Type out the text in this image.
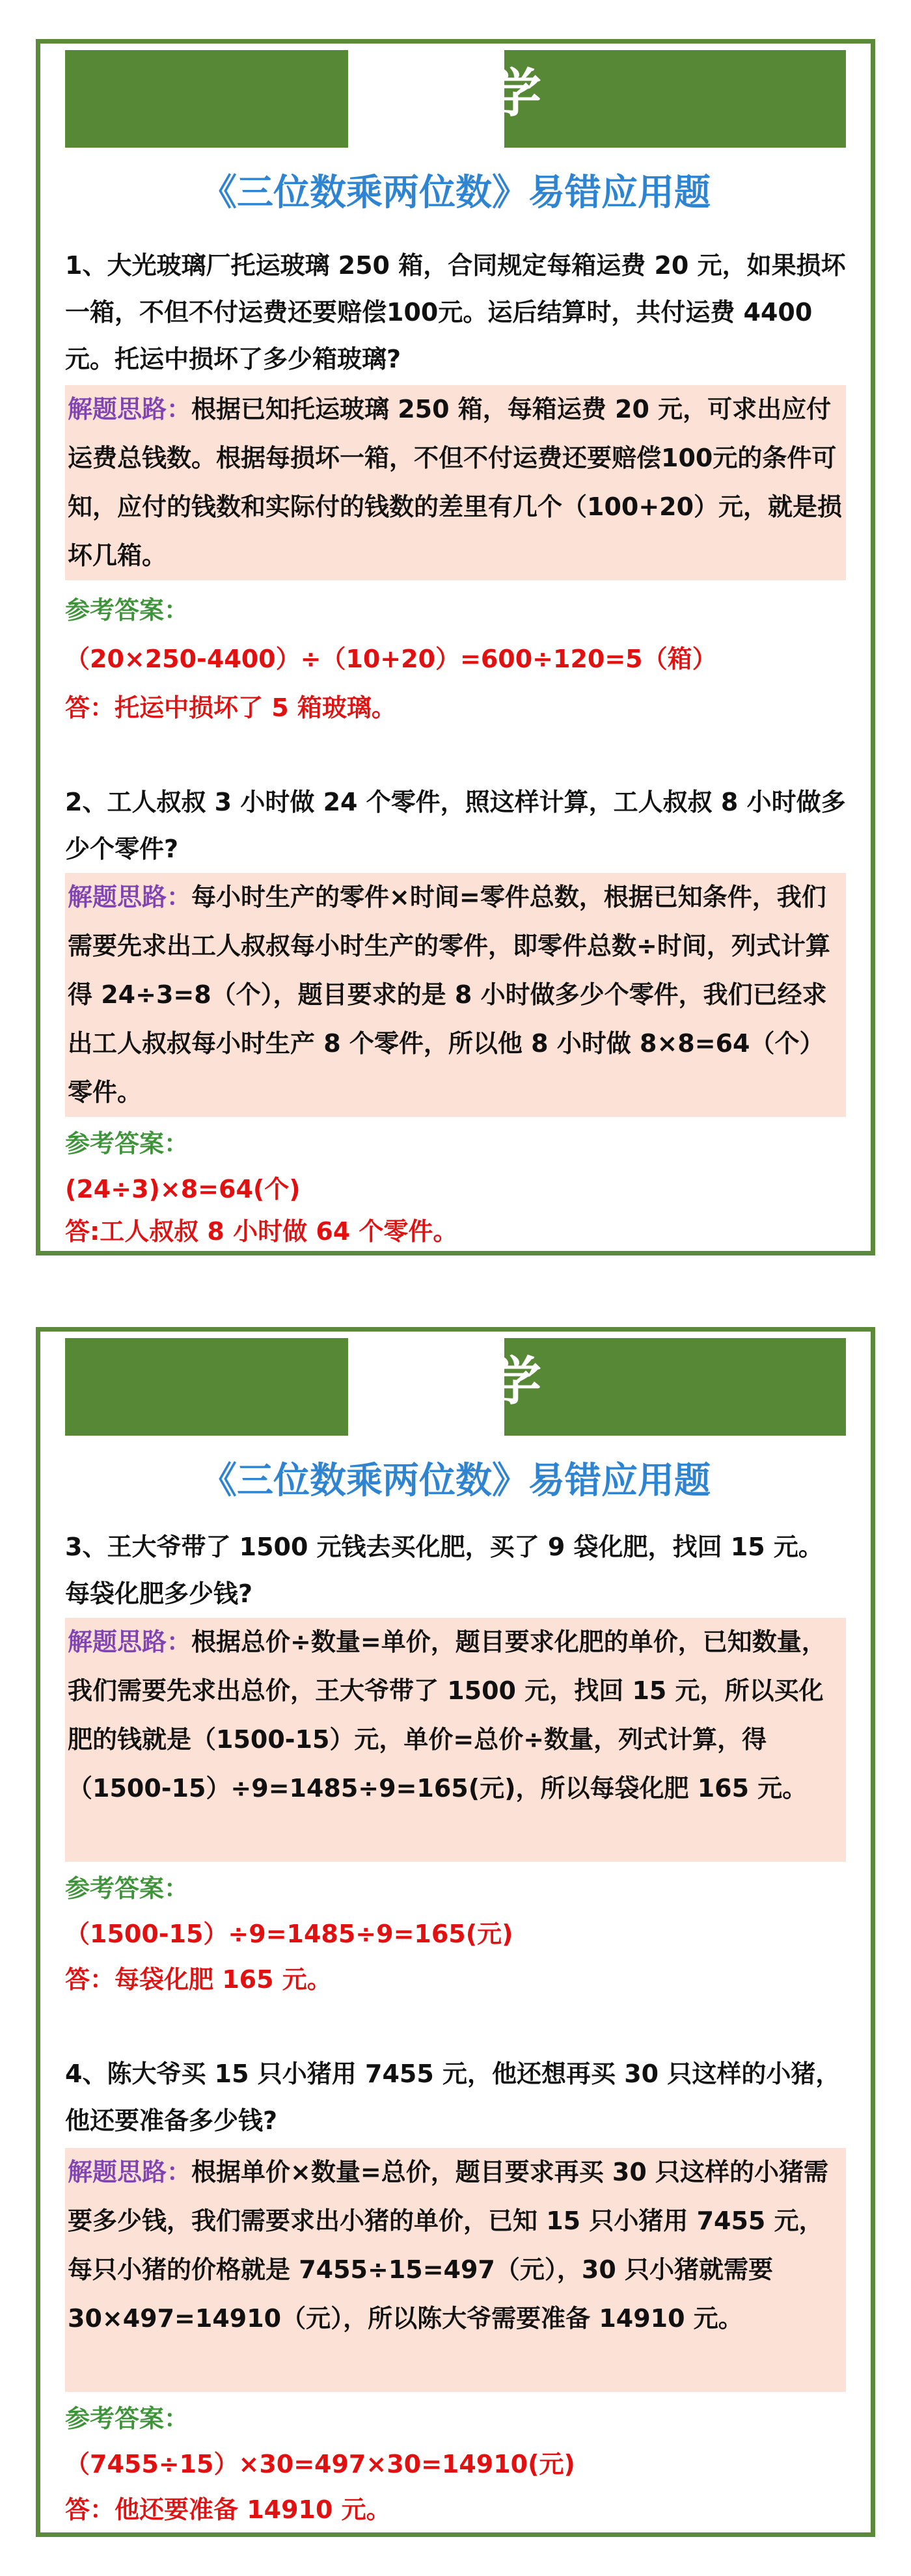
学
《三位数乘两位数》易错应用题
1、大光玻璃厂托运玻璃 250 箱，合同规定每箱运费 20 元，如果损坏一箱，不但不付运费还要赔偿100元。运后结算时，共付运费 4400 元。托运中损坏了多少箱玻璃?
解题思路：根据已知托运玻璃 250 箱，每箱运费 20 元，可求出应付运费总钱数。根据每损坏一箱，不但不付运费还要赔偿100元的条件可知，应付的钱数和实际付的钱数的差里有几个（100+20）元，就是损坏几箱。
参考答案：
（20×250-4400）÷（10+20）=600÷120=5（箱）
答：托运中损坏了 5 箱玻璃。
2、工人叔叔 3 小时做 24 个零件，照这样计算，工人叔叔 8 小时做多少个零件?
解题思路：每小时生产的零件×时间=零件总数，根据已知条件，我们需要先求出工人叔叔每小时生产的零件，即零件总数÷时间，列式计算得 24÷3=8（个），题目要求的是 8 小时做多少个零件，我们已经求出工人叔叔每小时生产 8 个零件，所以他 8 小时做 8×8=64（个）零件。
参考答案：
(24÷3)×8=64(个)
答:工人叔叔 8 小时做 64 个零件。
学
《三位数乘两位数》易错应用题
3、王大爷带了 1500 元钱去买化肥，买了 9 袋化肥，找回 15 元。每袋化肥多少钱?
解题思路：根据总价÷数量=单价，题目要求化肥的单价，已知数量，我们需要先求出总价，王大爷带了 1500 元，找回 15 元，所以买化肥的钱就是（1500-15）元，单价=总价÷数量，列式计算，得（1500-15）÷9=1485÷9=165(元)，所以每袋化肥 165 元。
参考答案：
（1500-15）÷9=1485÷9=165(元)
答：每袋化肥 165 元。
4、陈大爷买 15 只小猪用 7455 元，他还想再买 30 只这样的小猪，他还要准备多少钱?
解题思路：根据单价×数量=总价，题目要求再买 30 只这样的小猪需要多少钱，我们需要求出小猪的单价，已知 15 只小猪用 7455 元，每只小猪的价格就是 7455÷15=497（元），30 只小猪就需要 30×497=14910（元），所以陈大爷需要准备 14910 元。
参考答案：
（7455÷15）×30=497×30=14910(元)
答：他还要准备 14910 元。
